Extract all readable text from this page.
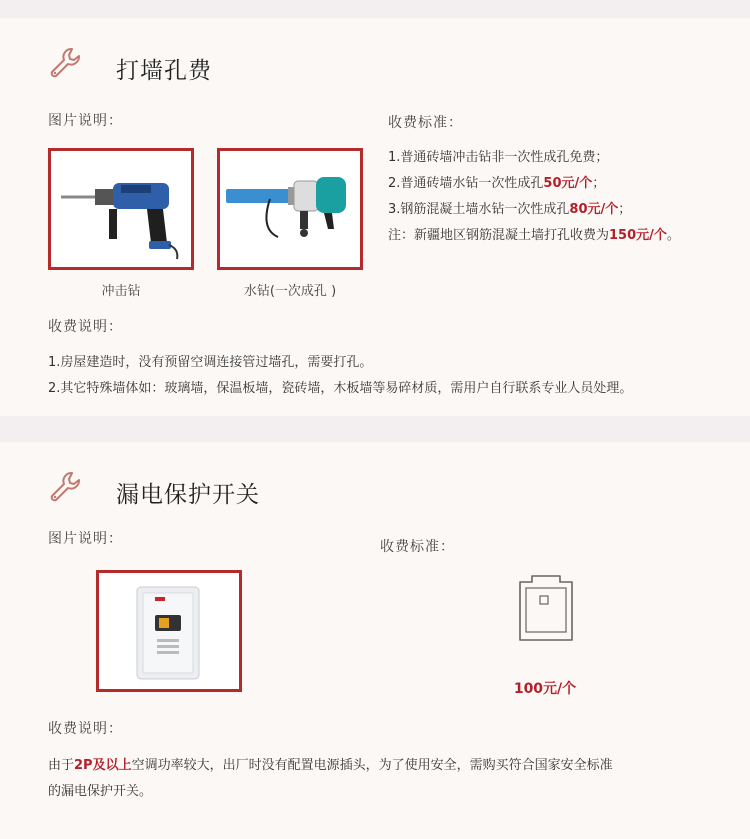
打墙孔费
图片说明：	收费标准：
冲击钻	水钻(一次成孔 )
1.普通砖墙冲击钻非一次性成孔免费；
2.普通砖墙水钻一次性成孔50元/个；
3.钢筋混凝土墙水钻一次性成孔80元/个；
注：新疆地区钢筋混凝土墙打孔收费为150元/个。
收费说明：
1.房屋建造时，没有预留空调连接管过墙孔，需要打孔。
2.其它特殊墙体如：玻璃墙，保温板墙，瓷砖墙，木板墙等易碎材质，需用户自行联系专业人员处理。
漏电保护开关
图片说明：	收费标准：
100元/个
收费说明：
由于2P及以上空调功率较大，出厂时没有配置电源插头，为了使用安全，需购买符合国家安全标准
的漏电保护开关。
